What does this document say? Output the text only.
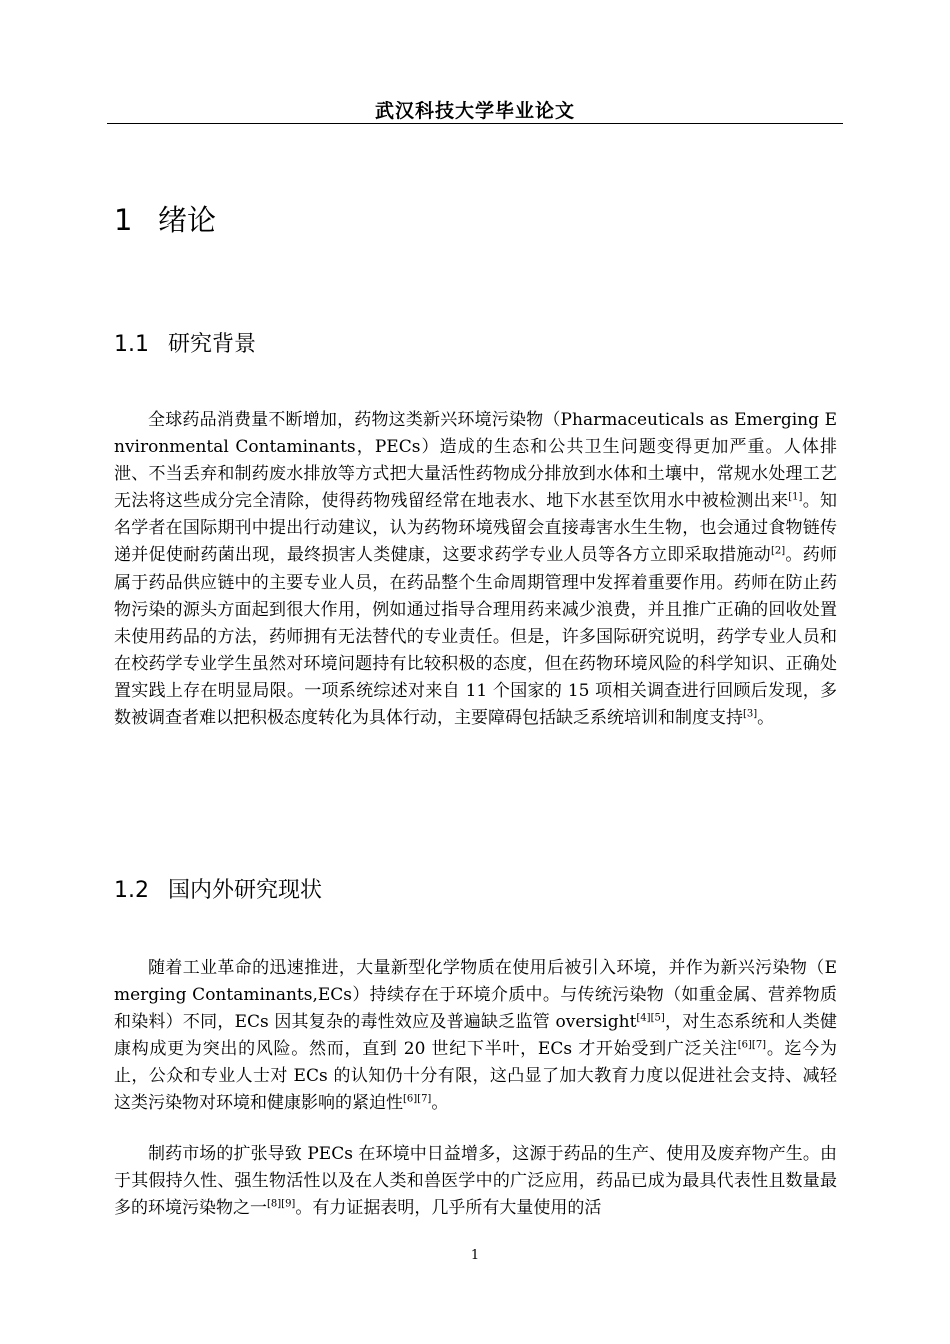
武汉科技大学毕业论文
1 绪论
1.1 研究背景

全球药品消费量不断增加，药物这类新兴环境污染物（Pharmaceuticals as Emerging Environmental Contaminants，PECs）造成的生态和公共卫生问题变得更加严重。人体排泄、不当丢弃和制药废水排放等方式把大量活性药物成分排放到水体和土壤中，常规水处理工艺无法将这些成分完全清除，使得药物残留经常在地表水、地下水甚至饮用水中被检测出来[1]。知名学者在国际期刊中提出行动建议，认为药物环境残留会直接毒害水生生物，也会通过食物链传递并促使耐药菌出现，最终损害人类健康，这要求药学专业人员等各方立即采取措施动[2]。药师属于药品供应链中的主要专业人员，在药品整个生命周期管理中发挥着重要作用。药师在防止药物污染的源头方面起到很大作用，例如通过指导合理用药来减少浪费，并且推广正确的回收处置未使用药品的方法，药师拥有无法替代的专业责任。但是，许多国际研究说明，药学专业人员和在校药学专业学生虽然对环境问题持有比较积极的态度，但在药物环境风险的科学知识、正确处置实践上存在明显局限。一项系统综述对来自 11 个国家的 15 项相关调查进行回顾后发现，多数被调查者难以把积极态度转化为具体行动，主要障碍包括缺乏系统培训和制度支持[3]。

1.2 国内外研究现状

随着工业革命的迅速推进，大量新型化学物质在使用后被引入环境，并作为新兴污染物（Emerging Contaminants,ECs）持续存在于环境介质中。与传统污染物（如重金属、营养物质和染料）不同，ECs 因其复杂的毒性效应及普遍缺乏监管 oversight[4][5]，对生态系统和人类健康构成更为突出的风险。然而，直到 20 世纪下半叶，ECs 才开始受到广泛关注[6][7]。迄今为止，公众和专业人士对 ECs 的认知仍十分有限，这凸显了加大教育力度以促进社会支持、减轻这类污染物对环境和健康影响的紧迫性[6][7]。

制药市场的扩张导致 PECs 在环境中日益增多，这源于药品的生产、使用及废弃物产生。由于其假持久性、强生物活性以及在人类和兽医学中的广泛应用，药品已成为最具代表性且数量最多的环境污染物之一[8][9]。有力证据表明，几乎所有大量使用的活

1
